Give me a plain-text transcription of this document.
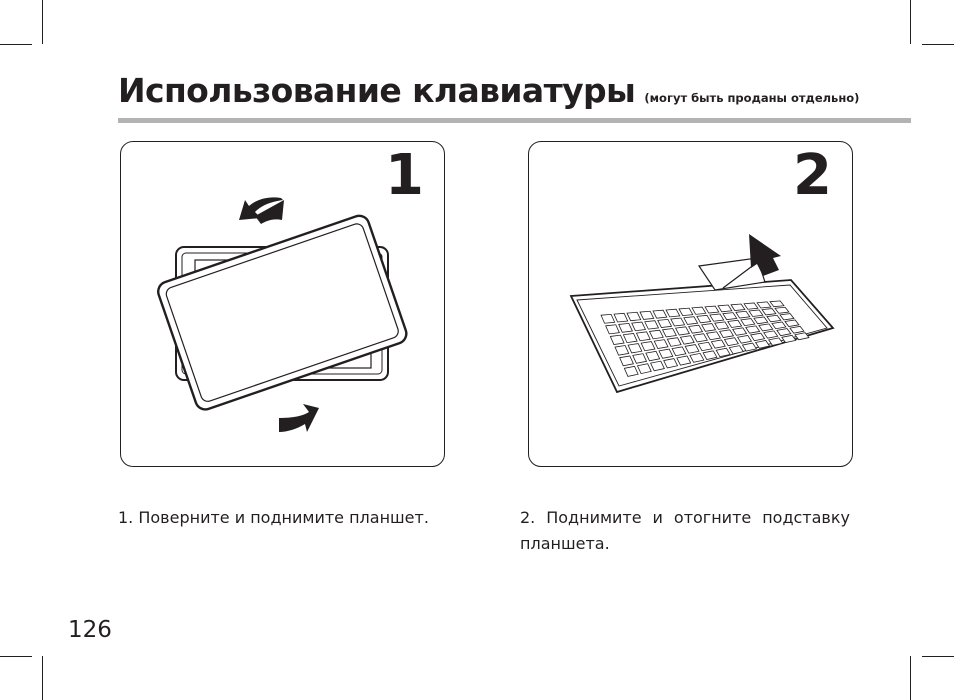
Использование клавиатуры (могут быть проданы отдельно)
1	2
1. Поверните и поднимите планшет.	2. Поднимите и отогните подставку планшета.
126
